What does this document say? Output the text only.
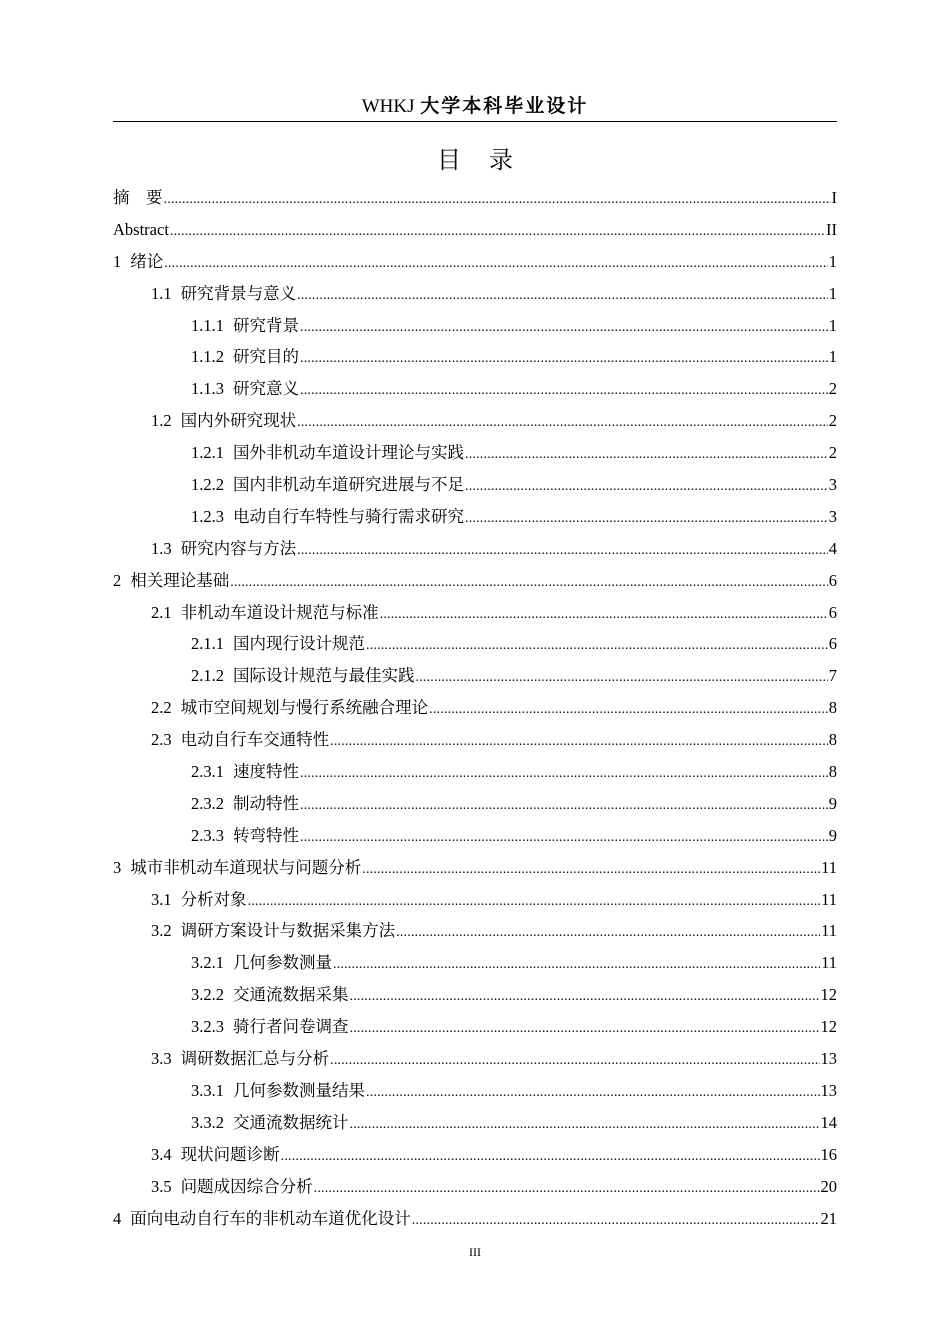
WHKJ 大学本科毕业设计
目录
摘　要 .....	I
Abstract .....	II
1 绪论 .....	1
1.1 研究背景与意义 .....	1
1.1.1 研究背景 .....	1
1.1.2 研究目的 .....	1
1.1.3 研究意义 .....	2
1.2 国内外研究现状 .....	2
1.2.1 国外非机动车道设计理论与实践 .....	2
1.2.2 国内非机动车道研究进展与不足 .....	3
1.2.3 电动自行车特性与骑行需求研究 .....	3
1.3 研究内容与方法 .....	4
2 相关理论基础 .....	6
2.1 非机动车道设计规范与标准 .....	6
2.1.1 国内现行设计规范 .....	6
2.1.2 国际设计规范与最佳实践 .....	7
2.2 城市空间规划与慢行系统融合理论 .....	8
2.3 电动自行车交通特性 .....	8
2.3.1 速度特性 .....	8
2.3.2 制动特性 .....	9
2.3.3 转弯特性 .....	9
3 城市非机动车道现状与问题分析 .....	11
3.1 分析对象 .....	11
3.2 调研方案设计与数据采集方法 .....	11
3.2.1 几何参数测量 .....	11
3.2.2 交通流数据采集 .....	12
3.2.3 骑行者问卷调查 .....	12
3.3 调研数据汇总与分析 .....	13
3.3.1 几何参数测量结果 .....	13
3.3.2 交通流数据统计 .....	14
3.4 现状问题诊断 .....	16
3.5 问题成因综合分析 .....	20
4 面向电动自行车的非机动车道优化设计 .....	21
III
